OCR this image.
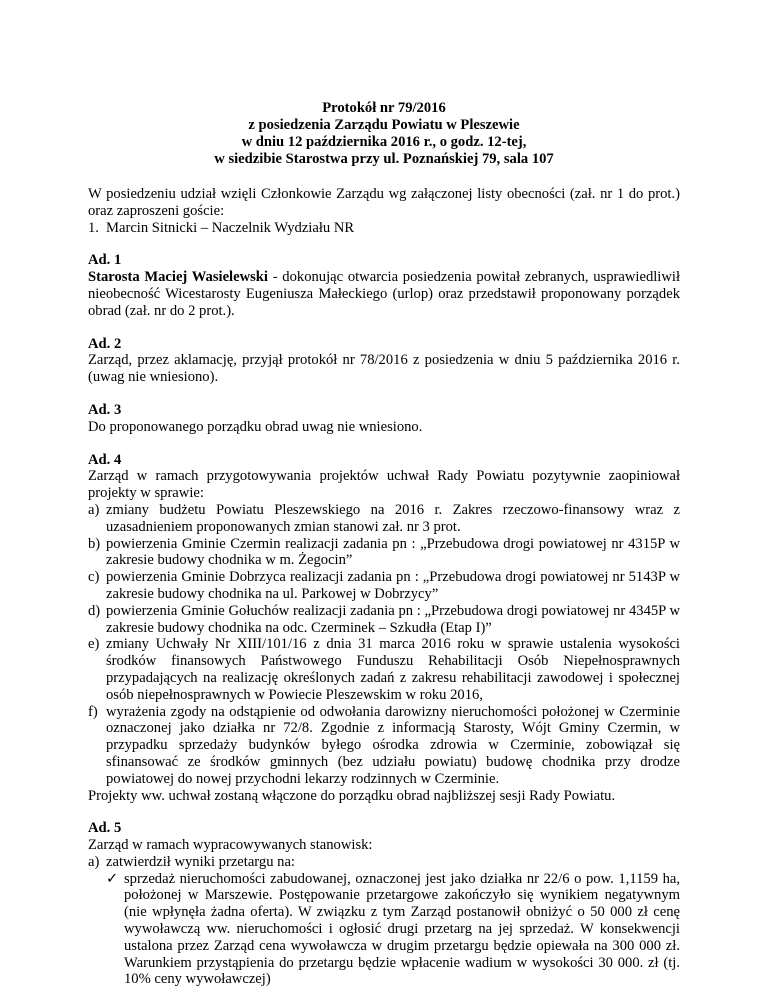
Protokół nr 79/2016
z posiedzenia Zarządu Powiatu w Pleszewie
w dniu 12 października 2016 r., o godz. 12-tej,
w siedzibie Starostwa przy ul. Poznańskiej 79, sala 107

W posiedzeniu udział wzięli Członkowie Zarządu wg załączonej listy obecności (zał. nr 1 do prot.) oraz zaproszeni goście:

1. Marcin Sitnicki – Naczelnik Wydziału NR

Ad. 1

Starosta Maciej Wasielewski - dokonując otwarcia posiedzenia powitał zebranych, usprawiedliwił nieobecność Wicestarosty Eugeniusza Małeckiego (urlop) oraz przedstawił proponowany porządek obrad (zał. nr do 2 prot.).

Ad. 2

Zarząd, przez aklamację, przyjął protokół nr 78/2016 z posiedzenia w dniu 5 października 2016 r. (uwag nie wniesiono).

Ad. 3

Do proponowanego porządku obrad uwag nie wniesiono.

Ad. 4

Zarząd w ramach przygotowywania projektów uchwał Rady Powiatu pozytywnie zaopiniował projekty w sprawie:

a) zmiany budżetu Powiatu Pleszewskiego na 2016 r. Zakres rzeczowo-finansowy wraz z uzasadnieniem proponowanych zmian stanowi zał. nr 3 prot.
b) powierzenia Gminie Czermin realizacji zadania pn : „Przebudowa drogi powiatowej nr 4315P w zakresie budowy chodnika w m. Żegocin”
c) powierzenia Gminie Dobrzyca realizacji zadania pn : „Przebudowa drogi powiatowej nr 5143P w zakresie budowy chodnika na ul. Parkowej w Dobrzycy”
d) powierzenia Gminie Gołuchów realizacji zadania pn : „Przebudowa drogi powiatowej nr 4345P w zakresie budowy chodnika na odc. Czerminek – Szkudła (Etap I)”
e) zmiany Uchwały Nr XIII/101/16 z dnia 31 marca 2016 roku w sprawie ustalenia wysokości środków finansowych Państwowego Funduszu Rehabilitacji Osób Niepełnosprawnych przypadających na realizację określonych zadań z zakresu rehabilitacji zawodowej i społecznej osób niepełnosprawnych w Powiecie Pleszewskim w roku 2016,
f) wyrażenia zgody na odstąpienie od odwołania darowizny nieruchomości położonej w Czerminie oznaczonej jako działka nr 72/8. Zgodnie z informacją Starosty, Wójt Gminy Czermin, w przypadku sprzedaży budynków byłego ośrodka zdrowia w Czerminie, zobowiązał się sfinansować ze środków gminnych (bez udziału powiatu) budowę chodnika przy drodze powiatowej do nowej przychodni lekarzy rodzinnych w Czerminie.

Projekty ww. uchwał zostaną włączone do porządku obrad najbliższej sesji Rady Powiatu.

Ad. 5

Zarząd w ramach wypracowywanych stanowisk:

a) zatwierdził wyniki przetargu na:
✓ sprzedaż nieruchomości zabudowanej, oznaczonej jest jako działka nr 22/6 o pow. 1,1159 ha, położonej w Marszewie. Postępowanie przetargowe zakończyło się wynikiem negatywnym (nie wpłynęła żadna oferta). W związku z tym Zarząd postanowił obniżyć o 50 000 zł cenę wywoławczą ww. nieruchomości i ogłosić drugi przetarg na jej sprzedaż. W konsekwencji ustalona przez Zarząd cena wywoławcza w drugim przetargu będzie opiewała na 300 000 zł. Warunkiem przystąpienia do przetargu będzie wpłacenie wadium w wysokości 30 000. zł (tj. 10% ceny wywoławczej)
